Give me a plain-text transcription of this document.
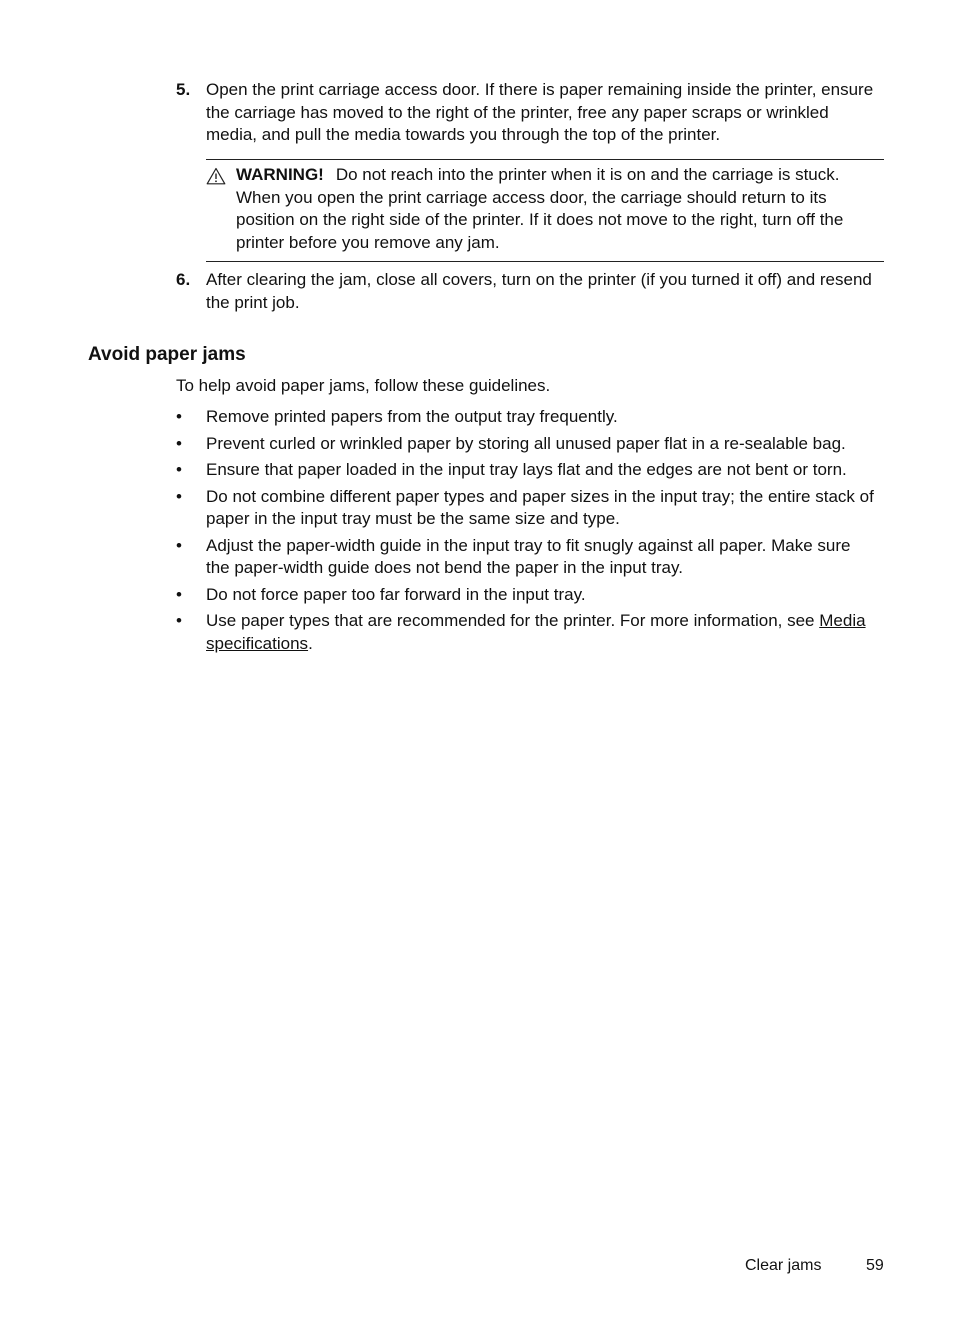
5. Open the print carriage access door. If there is paper remaining inside the printer, ensure the carriage has moved to the right of the printer, free any paper scraps or wrinkled media, and pull the media towards you through the top of the printer.
WARNING! Do not reach into the printer when it is on and the carriage is stuck. When you open the print carriage access door, the carriage should return to its position on the right side of the printer. If it does not move to the right, turn off the printer before you remove any jam.
6. After clearing the jam, close all covers, turn on the printer (if you turned it off) and resend the print job.
Avoid paper jams
To help avoid paper jams, follow these guidelines.
• Remove printed papers from the output tray frequently.
• Prevent curled or wrinkled paper by storing all unused paper flat in a re-sealable bag.
• Ensure that paper loaded in the input tray lays flat and the edges are not bent or torn.
• Do not combine different paper types and paper sizes in the input tray; the entire stack of paper in the input tray must be the same size and type.
• Adjust the paper-width guide in the input tray to fit snugly against all paper. Make sure the paper-width guide does not bend the paper in the input tray.
• Do not force paper too far forward in the input tray.
• Use paper types that are recommended for the printer. For more information, see Media specifications.
Clear jams	59
